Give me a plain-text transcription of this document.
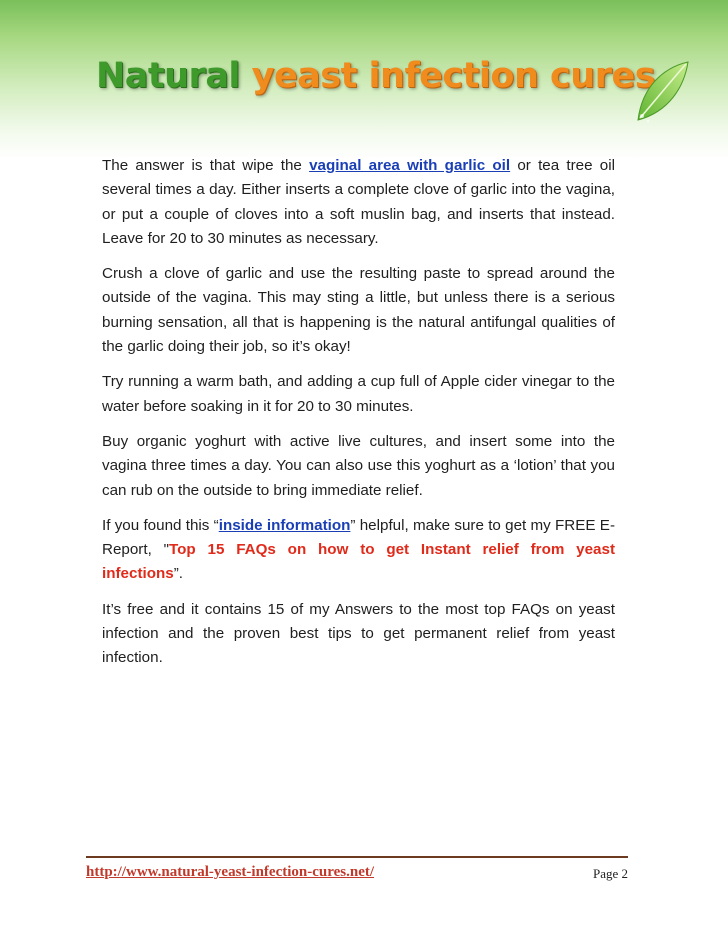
Natural yeast infection cures

The answer is that wipe the vaginal area with garlic oil or tea tree oil several times a day. Either inserts a complete clove of garlic into the vagina, or put a couple of cloves into a soft muslin bag, and inserts that instead. Leave for 20 to 30 minutes as necessary.

Crush a clove of garlic and use the resulting paste to spread around the outside of the vagina. This may sting a little, but unless there is a serious burning sensation, all that is happening is the natural antifungal qualities of the garlic doing their job, so it’s okay!

Try running a warm bath, and adding a cup full of Apple cider vinegar to the water before soaking in it for 20 to 30 minutes.

Buy organic yoghurt with active live cultures, and insert some into the vagina three times a day. You can also use this yoghurt as a ‘lotion’ that you can rub on the outside to bring immediate relief.

If you found this “inside information” helpful, make sure to get my FREE E-Report, "Top 15 FAQs on how to get Instant relief from yeast infections”.

It’s free and it contains 15 of my Answers to the most top FAQs on yeast infection and the proven best tips to get permanent relief from yeast infection.

http://www.natural-yeast-infection-cures.net/	Page 2
